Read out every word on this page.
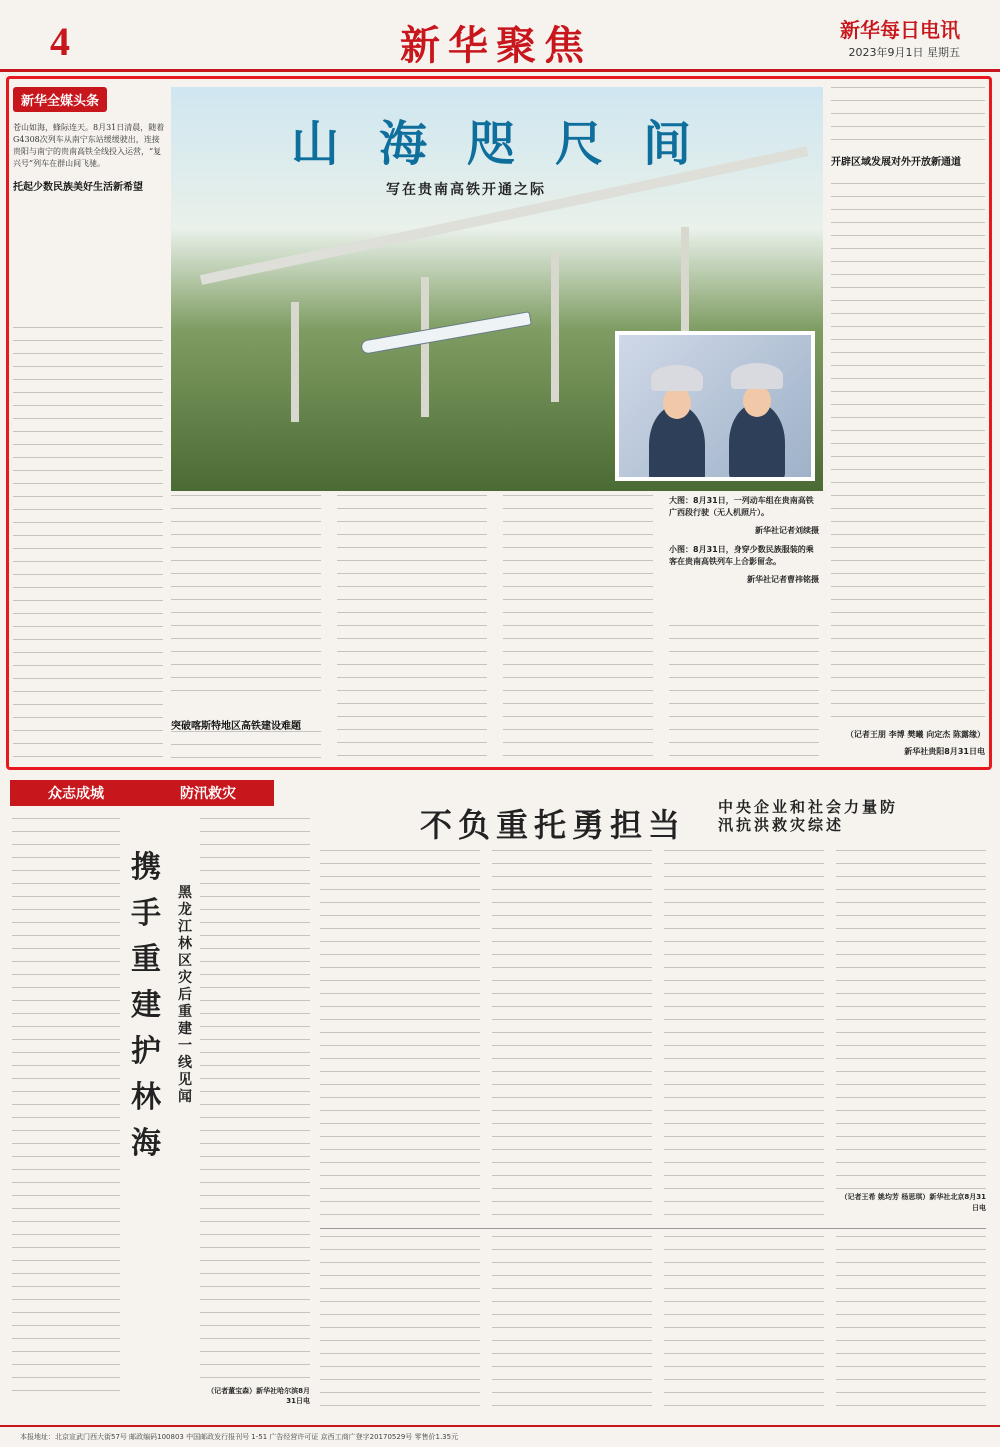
4	新华聚焦	新华每日电讯
2023年9月1日 星期五
新华全媒头条

苍山如海，蜂际连天。8月31日清晨，随着G4308次列车从南宁东站缓缓驶出，连接贵阳与南宁的贵南高铁全线投入运营，“复兴号”列车在群山间飞驰。

托起少数民族美好生活新希望
山海咫尺间
写在贵南高铁开通之际
开辟区域发展对外开放新通道
（记者王朋 李博 樊曦 向定杰 陈露缘）
新华社贵阳8月31日电
突破喀斯特地区高铁建设难题

大图：8月31日，一列动车组在贵南高铁广西段行驶（无人机照片）。

新华社记者刘续摄

小图：8月31日，身穿少数民族服装的乘客在贵南高铁列车上合影留念。

新华社记者曹祎铭摄
众志成城	防汛救灾
携手重建护林海
黑龙江林区灾后重建一线见闻
（记者董宝森）新华社哈尔滨8月31日电
不负重托勇担当 中央企业和社会力量防汛抗洪救灾综述
（记者王希 姚均芳 杨思琪）新华社北京8月31日电
本报地址：北京宣武门西大街57号 邮政编码100803 中国邮政发行报刊号 1-51 广告经营许可证 京西工商广登字20170529号 零售价1.35元
